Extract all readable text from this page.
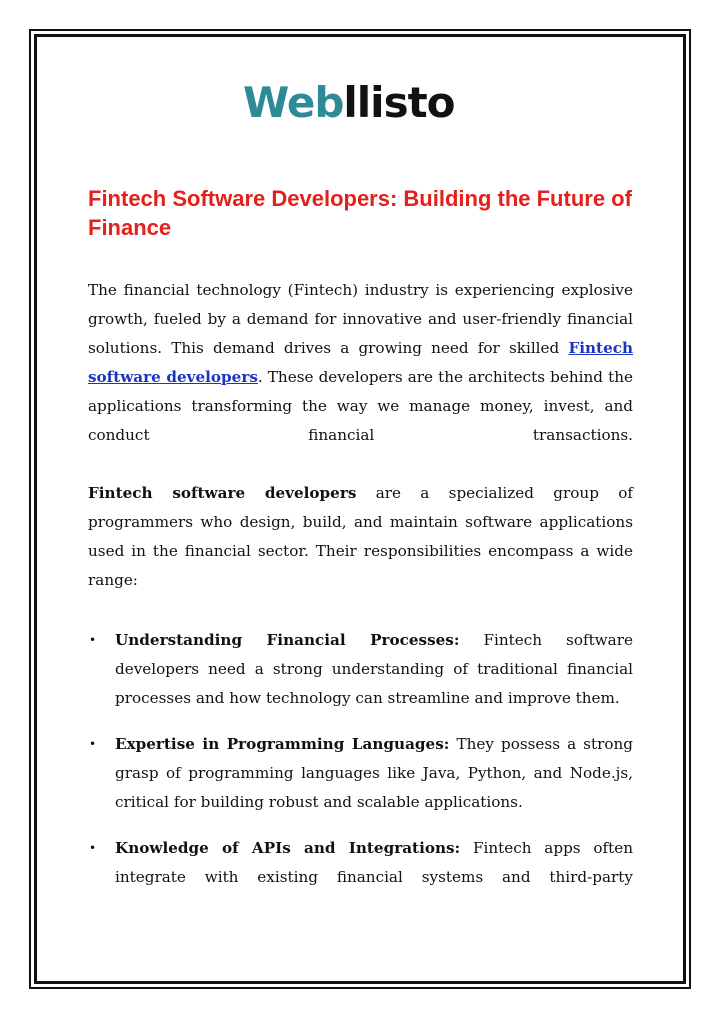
Webllisto
Fintech Software Developers: Building the Future of Finance

The financial technology (Fintech) industry is experiencing explosive growth, fueled by a demand for innovative and user-friendly financial solutions. This demand drives a growing need for skilled Fintech software developers. These developers are the architects behind the applications transforming the way we manage money, invest, and conduct financial transactions.

Fintech software developers are a specialized group of programmers who design, build, and maintain software applications used in the financial sector. Their responsibilities encompass a wide range:

• Understanding Financial Processes: Fintech software developers need a strong understanding of traditional financial processes and how technology can streamline and improve them.
• Expertise in Programming Languages: They possess a strong grasp of programming languages like Java, Python, and Node.js, critical for building robust and scalable applications.
• Knowledge of APIs and Integrations: Fintech apps often integrate with existing financial systems and third-party
